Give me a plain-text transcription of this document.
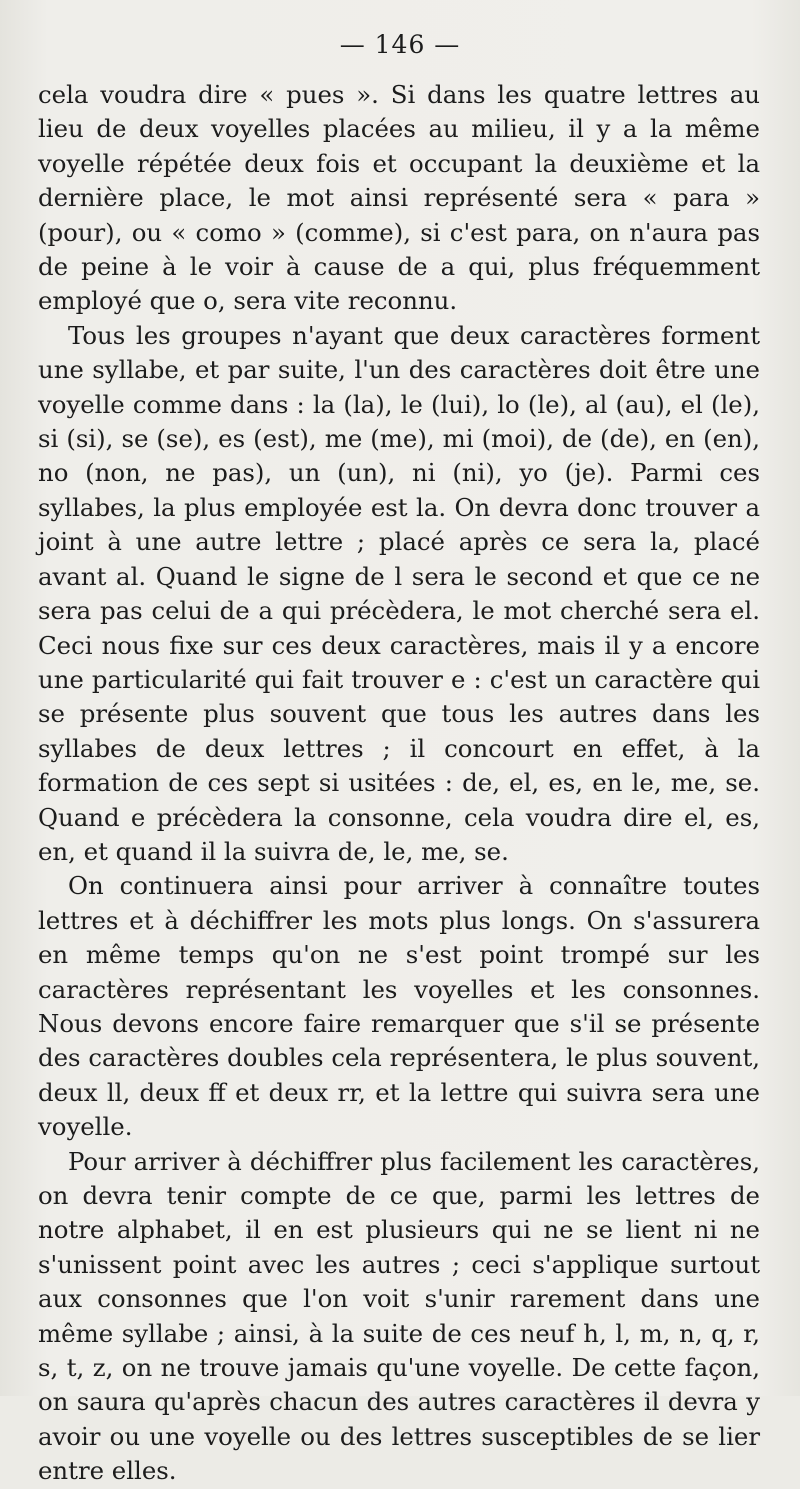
— 146 —

cela voudra dire « pues ». Si dans les quatre lettres au lieu de deux voyelles placées au milieu, il y a la même voyelle répétée deux fois et occupant la deuxième et la dernière place, le mot ainsi représenté sera « para » (pour), ou « como » (comme), si c'est para, on n'aura pas de peine à le voir à cause de a qui, plus fréquemment employé que o, sera vite reconnu.

Tous les groupes n'ayant que deux caractères forment une syllabe, et par suite, l'un des caractères doit être une voyelle comme dans : la (la), le (lui), lo (le), al (au), el (le), si (si), se (se), es (est), me (me), mi (moi), de (de), en (en), no (non, ne pas), un (un), ni (ni), yo (je). Parmi ces syllabes, la plus employée est la. On devra donc trouver a joint à une autre lettre ; placé après ce sera la, placé avant al. Quand le signe de l sera le second et que ce ne sera pas celui de a qui précèdera, le mot cherché sera el. Ceci nous fixe sur ces deux caractères, mais il y a encore une particularité qui fait trouver e : c'est un caractère qui se présente plus souvent que tous les autres dans les syllabes de deux lettres ; il concourt en effet, à la formation de ces sept si usitées : de, el, es, en le, me, se. Quand e précèdera la consonne, cela voudra dire el, es, en, et quand il la suivra de, le, me, se.

On continuera ainsi pour arriver à connaître toutes lettres et à déchiffrer les mots plus longs. On s'assurera en même temps qu'on ne s'est point trompé sur les caractères représentant les voyelles et les consonnes. Nous devons encore faire remarquer que s'il se présente des caractères doubles cela représentera, le plus souvent, deux ll, deux ff et deux rr, et la lettre qui suivra sera une voyelle.

Pour arriver à déchiffrer plus facilement les caractères, on devra tenir compte de ce que, parmi les lettres de notre alphabet, il en est plusieurs qui ne se lient ni ne s'unissent point avec les autres ; ceci s'applique surtout aux consonnes que l'on voit s'unir rarement dans une même syllabe ; ainsi, à la suite de ces neuf h, l, m, n, q, r, s, t, z, on ne trouve jamais qu'une voyelle. De cette façon, on saura qu'après chacun des autres caractères il devra y avoir ou une voyelle ou des lettres susceptibles de se lier entre elles.
